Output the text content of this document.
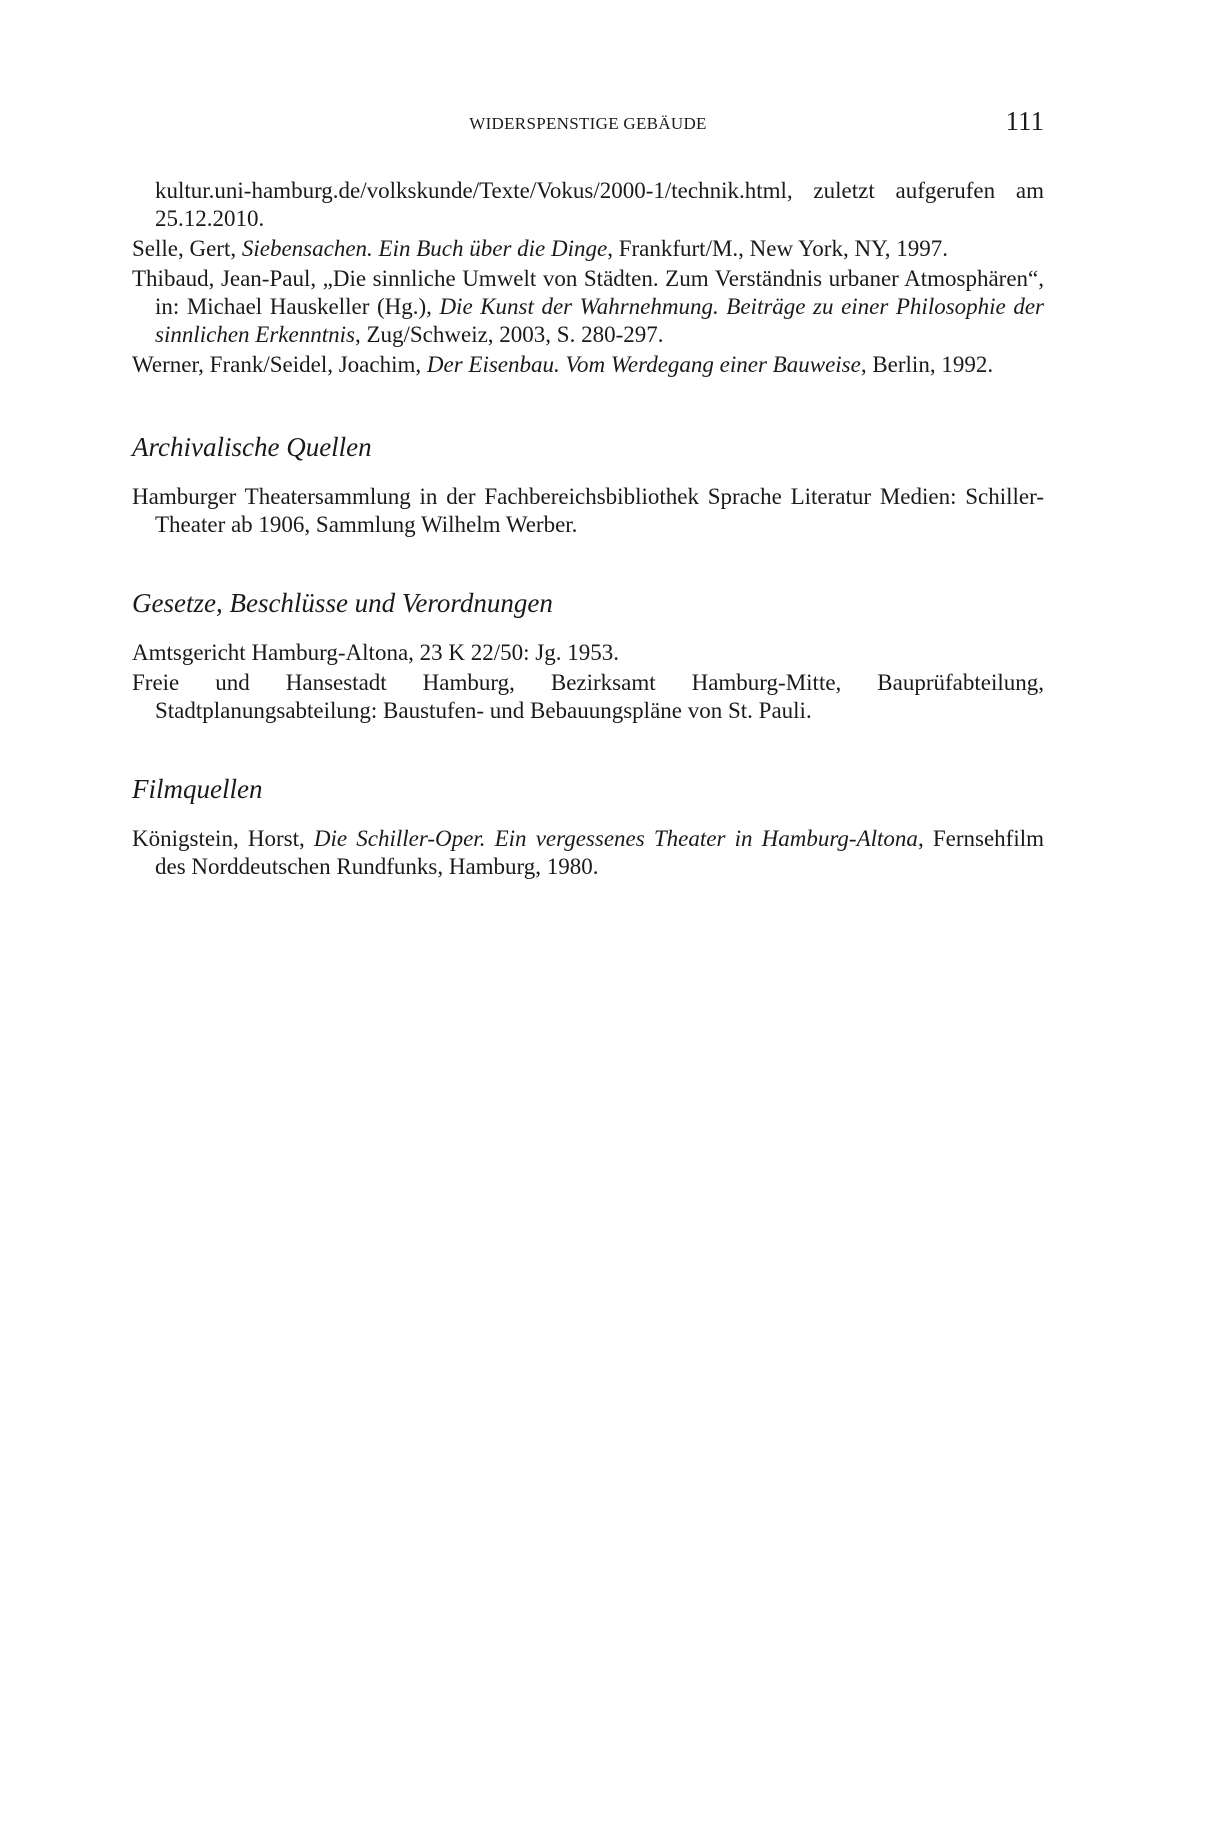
WIDERSPENSTIGE GEBÄUDE	111

kultur.uni-hamburg.de/volkskunde/Texte/Vokus/2000-1/technik.html, zuletzt aufgerufen am 25.12.2010.

Selle, Gert, Siebensachen. Ein Buch über die Dinge, Frankfurt/M., New York, NY, 1997.

Thibaud, Jean-Paul, „Die sinnliche Umwelt von Städten. Zum Verständnis urbaner Atmosphären“, in: Michael Hauskeller (Hg.), Die Kunst der Wahrnehmung. Beiträge zu einer Philosophie der sinnlichen Erkenntnis, Zug/Schweiz, 2003, S. 280-297.

Werner, Frank/Seidel, Joachim, Der Eisenbau. Vom Werdegang einer Bauweise, Berlin, 1992.

Archivalische Quellen

Hamburger Theatersammlung in der Fachbereichsbibliothek Sprache Literatur Medien: Schiller-Theater ab 1906, Sammlung Wilhelm Werber.

Gesetze, Beschlüsse und Verordnungen

Amtsgericht Hamburg-Altona, 23 K 22/50: Jg. 1953.

Freie und Hansestadt Hamburg, Bezirksamt Hamburg-Mitte, Bauprüfabteilung, Stadtplanungsabteilung: Baustufen- und Bebauungspläne von St. Pauli.

Filmquellen

Königstein, Horst, Die Schiller-Oper. Ein vergessenes Theater in Hamburg-Altona, Fernsehfilm des Norddeutschen Rundfunks, Hamburg, 1980.
